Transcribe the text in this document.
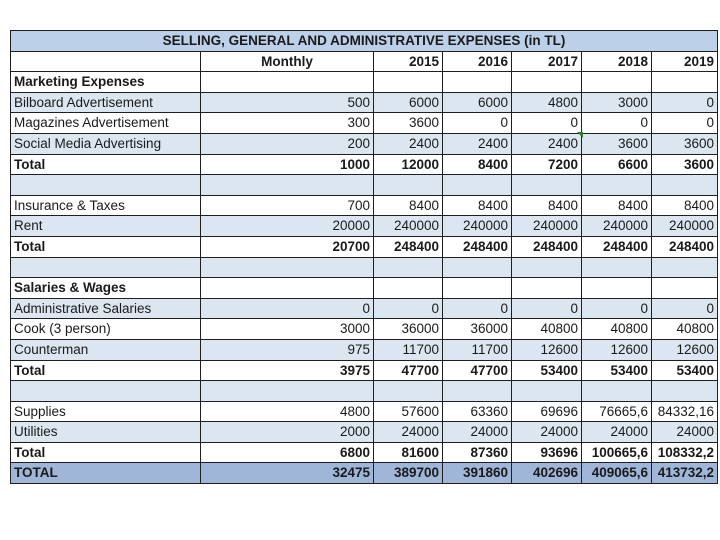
SELLING, GENERAL AND ADMINISTRATIVE EXPENSES (in TL)						
	Monthly	2015	2016	2017	2018	2019
Marketing Expenses						
Bilboard Advertisement	500	6000	6000	4800	3000	0
Magazines Advertisement	300	3600	0	0	0	0
Social Media Advertising	200	2400	2400	2400	3600	3600
Total	1000	12000	8400	7200	6600	3600

Insurance & Taxes	700	8400	8400	8400	8400	8400
Rent	20000	240000	240000	240000	240000	240000
Total	20700	248400	248400	248400	248400	248400

Salaries & Wages						
Administrative Salaries	0	0	0	0	0	0
Cook (3 person)	3000	36000	36000	40800	40800	40800
Counterman	975	11700	11700	12600	12600	12600
Total	3975	47700	47700	53400	53400	53400

Supplies	4800	57600	63360	69696	76665,6	84332,16
Utilities	2000	24000	24000	24000	24000	24000
Total	6800	81600	87360	93696	100665,6	108332,2
TOTAL	32475	389700	391860	402696	409065,6	413732,2
